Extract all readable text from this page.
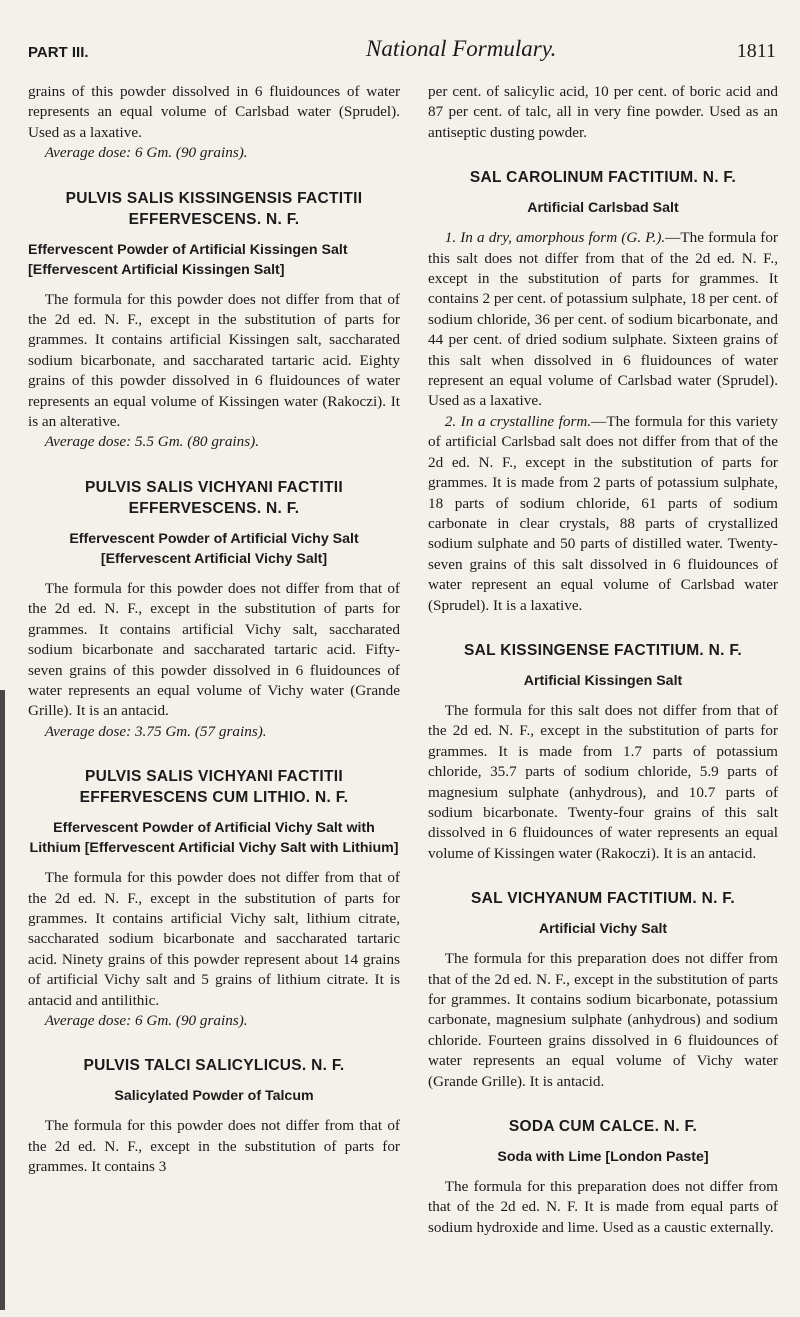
PART III.	National Formulary.	1811

grains of this powder dissolved in 6 fluidounces of water represents an equal volume of Carlsbad water (Sprudel). Used as a laxative.

Average dose: 6 Gm. (90 grains).

PULVIS SALIS KISSINGENSIS FACTITII EFFERVESCENS. N. F.
Effervescent Powder of Artificial Kissingen Salt [Effervescent Artificial Kissingen Salt]

The formula for this powder does not differ from that of the 2d ed. N. F., except in the substitution of parts for grammes. It contains artificial Kissingen salt, saccharated sodium bicarbonate, and saccharated tartaric acid. Eighty grains of this powder dissolved in 6 fluidounces of water represents an equal volume of Kissingen water (Rakoczi). It is an alterative.

Average dose: 5.5 Gm. (80 grains).

PULVIS SALIS VICHYANI FACTITII EFFERVESCENS. N. F.
Effervescent Powder of Artificial Vichy Salt [Effervescent Artificial Vichy Salt]

The formula for this powder does not differ from that of the 2d ed. N. F., except in the substitution of parts for grammes. It contains artificial Vichy salt, saccharated sodium bicarbonate and saccharated tartaric acid. Fifty-seven grains of this powder dissolved in 6 fluidounces of water represents an equal volume of Vichy water (Grande Grille). It is an antacid.

Average dose: 3.75 Gm. (57 grains).

PULVIS SALIS VICHYANI FACTITII EFFERVESCENS CUM LITHIO. N. F.
Effervescent Powder of Artificial Vichy Salt with Lithium [Effervescent Artificial Vichy Salt with Lithium]

The formula for this powder does not differ from that of the 2d ed. N. F., except in the substitution of parts for grammes. It contains artificial Vichy salt, lithium citrate, saccharated sodium bicarbonate and saccharated tartaric acid. Ninety grains of this powder represent about 14 grains of artificial Vichy salt and 5 grains of lithium citrate. It is antacid and antilithic.

Average dose: 6 Gm. (90 grains).

PULVIS TALCI SALICYLICUS. N. F.
Salicylated Powder of Talcum

The formula for this powder does not differ from that of the 2d ed. N. F., except in the substitution of parts for grammes. It contains 3

per cent. of salicylic acid, 10 per cent. of boric acid and 87 per cent. of talc, all in very fine powder. Used as an antiseptic dusting powder.

SAL CAROLINUM FACTITIUM. N. F.
Artificial Carlsbad Salt

1. In a dry, amorphous form (G. P.).—The formula for this salt does not differ from that of the 2d ed. N. F., except in the substitution of parts for grammes. It contains 2 per cent. of potassium sulphate, 18 per cent. of sodium chloride, 36 per cent. of sodium bicarbonate, and 44 per cent. of dried sodium sulphate. Sixteen grains of this salt when dissolved in 6 fluidounces of water represent an equal volume of Carlsbad water (Sprudel). Used as a laxative.

2. In a crystalline form.—The formula for this variety of artificial Carlsbad salt does not differ from that of the 2d ed. N. F., except in the substitution of parts for grammes. It is made from 2 parts of potassium sulphate, 18 parts of sodium chloride, 61 parts of sodium carbonate in clear crystals, 88 parts of crystallized sodium sulphate and 50 parts of distilled water. Twenty-seven grains of this salt dissolved in 6 fluidounces of water represent an equal volume of Carlsbad water (Sprudel). It is a laxative.

SAL KISSINGENSE FACTITIUM. N. F.
Artificial Kissingen Salt

The formula for this salt does not differ from that of the 2d ed. N. F., except in the substitution of parts for grammes. It is made from 1.7 parts of potassium chloride, 35.7 parts of sodium chloride, 5.9 parts of magnesium sulphate (anhydrous), and 10.7 parts of sodium bicarbonate. Twenty-four grains of this salt dissolved in 6 fluidounces of water represents an equal volume of Kissingen water (Rakoczi). It is an antacid.

SAL VICHYANUM FACTITIUM. N. F.
Artificial Vichy Salt

The formula for this preparation does not differ from that of the 2d ed. N. F., except in the substitution of parts for grammes. It contains sodium bicarbonate, potassium carbonate, magnesium sulphate (anhydrous) and sodium chloride. Fourteen grains dissolved in 6 fluidounces of water represents an equal volume of Vichy water (Grande Grille). It is antacid.

SODA CUM CALCE. N. F.
Soda with Lime [London Paste]

The formula for this preparation does not differ from that of the 2d ed. N. F. It is made from equal parts of sodium hydroxide and lime. Used as a caustic externally.
